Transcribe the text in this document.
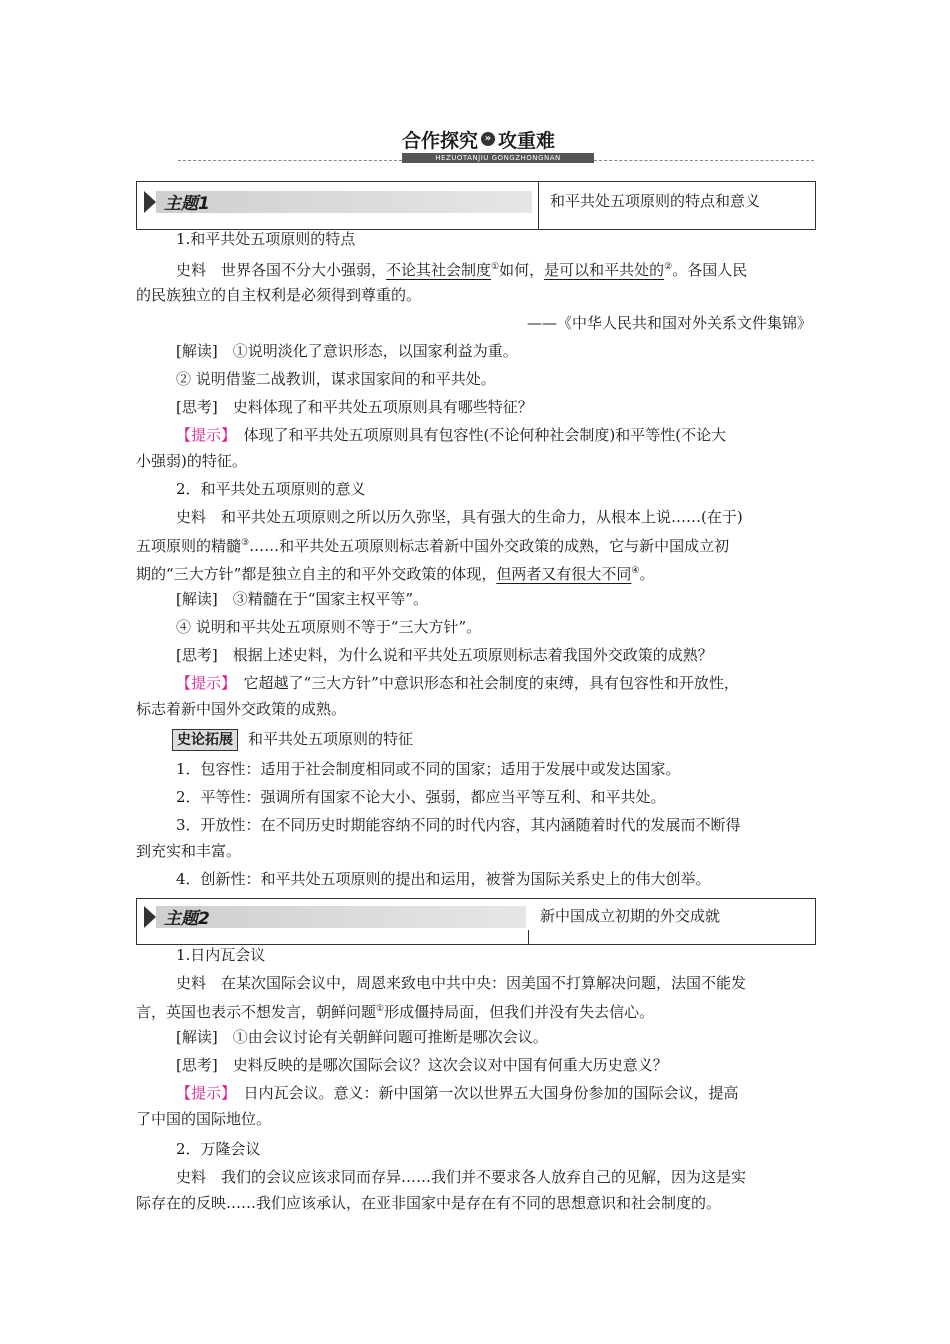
合作探究 » 攻重难
HEZUOTANJIU GONGZHONGNAN
主题1	和平共处五项原则的特点和意义
1.和平共处五项原则的特点
史料　世界各国不分大小强弱，不论其社会制度①如何，是可以和平共处的②。各国人民
的民族独立的自主权利是必须得到尊重的。
——《中华人民共和国对外关系文件集锦》
[解读]　①说明淡化了意识形态，以国家利益为重。
② 说明借鉴二战教训，谋求国家间的和平共处。
[思考]　史料体现了和平共处五项原则具有哪些特征？
【提示】　体现了和平共处五项原则具有包容性(不论何种社会制度)和平等性(不论大
小强弱)的特征。
2．和平共处五项原则的意义
史料　和平共处五项原则之所以历久弥坚，具有强大的生命力，从根本上说……(在于)
五项原则的精髓③……和平共处五项原则标志着新中国外交政策的成熟，它与新中国成立初
期的“三大方针”都是独立自主的和平外交政策的体现，但两者又有很大不同④。
[解读]　③精髓在于“国家主权平等”。
④ 说明和平共处五项原则不等于“三大方针”。
[思考]　根据上述史料，为什么说和平共处五项原则标志着我国外交政策的成熟？
【提示】　它超越了“三大方针”中意识形态和社会制度的束缚，具有包容性和开放性，
标志着新中国外交政策的成熟。
史论拓展 和平共处五项原则的特征
1．包容性：适用于社会制度相同或不同的国家；适用于发展中或发达国家。
2．平等性：强调所有国家不论大小、强弱，都应当平等互利、和平共处。
3．开放性：在不同历史时期能容纳不同的时代内容，其内涵随着时代的发展而不断得
到充实和丰富。
4．创新性：和平共处五项原则的提出和运用，被誉为国际关系史上的伟大创举。
主题2	新中国成立初期的外交成就
1.日内瓦会议
史料　在某次国际会议中，周恩来致电中共中央：因美国不打算解决问题，法国不能发
言，英国也表示不想发言，朝鲜问题①形成僵持局面，但我们并没有失去信心。
[解读]　①由会议讨论有关朝鲜问题可推断是哪次会议。
[思考]　史料反映的是哪次国际会议？这次会议对中国有何重大历史意义？
【提示】　日内瓦会议。意义：新中国第一次以世界五大国身份参加的国际会议，提高
了中国的国际地位。
2．万隆会议
史料　我们的会议应该求同而存异……我们并不要求各人放弃自己的见解，因为这是实
际存在的反映……我们应该承认，在亚非国家中是存在有不同的思想意识和社会制度的。
